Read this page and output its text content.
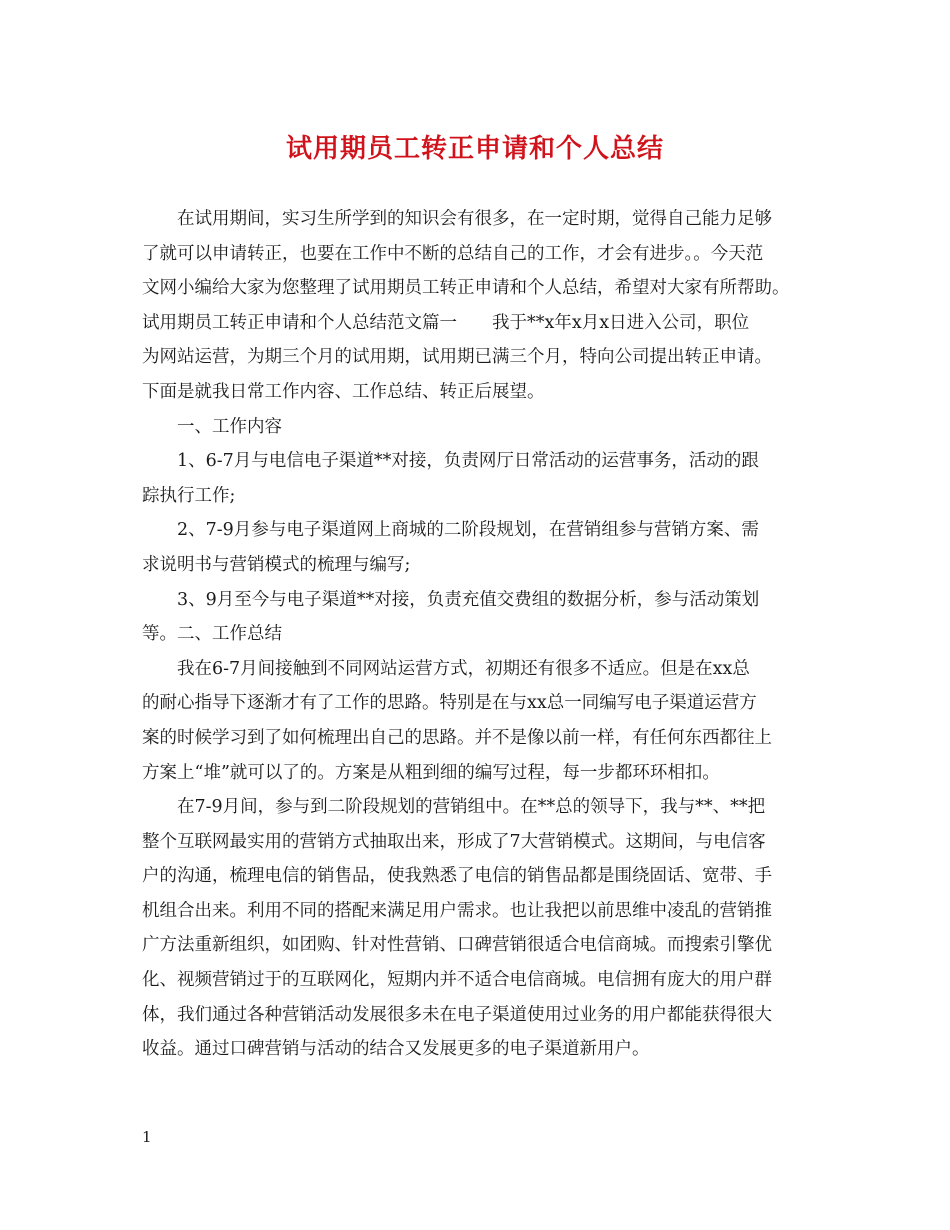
试用期员工转正申请和个人总结
在试用期间，实习生所学到的知识会有很多，在一定时期，觉得自己能力足够
了就可以申请转正，也要在工作中不断的总结自己的工作，才会有进步。。今天范
文网小编给大家为您整理了试用期员工转正申请和个人总结，希望对大家有所帮助。
试用期员工转正申请和个人总结范文篇一　　我于**x年x月x日进入公司，职位
为网站运营，为期三个月的试用期，试用期已满三个月，特向公司提出转正申请。
下面是就我日常工作内容、工作总结、转正后展望。
一、工作内容
1、6-7月与电信电子渠道**对接，负责网厅日常活动的运营事务，活动的跟
踪执行工作;
2、7-9月参与电子渠道网上商城的二阶段规划，在营销组参与营销方案、需
求说明书与营销模式的梳理与编写;
3、9月至今与电子渠道**对接，负责充值交费组的数据分析，参与活动策划
等。二、工作总结
我在6-7月间接触到不同网站运营方式，初期还有很多不适应。但是在xx总
的耐心指导下逐渐才有了工作的思路。特别是在与xx总一同编写电子渠道运营方
案的时候学习到了如何梳理出自己的思路。并不是像以前一样，有任何东西都往上
方案上“堆”就可以了的。方案是从粗到细的编写过程，每一步都环环相扣。
在7-9月间，参与到二阶段规划的营销组中。在**总的领导下，我与**、**把
整个互联网最实用的营销方式抽取出来，形成了7大营销模式。这期间，与电信客
户的沟通，梳理电信的销售品，使我熟悉了电信的销售品都是围绕固话、宽带、手
机组合出来。利用不同的搭配来满足用户需求。也让我把以前思维中凌乱的营销推
广方法重新组织，如团购、针对性营销、口碑营销很适合电信商城。而搜索引擎优
化、视频营销过于的互联网化，短期内并不适合电信商城。电信拥有庞大的用户群
体，我们通过各种营销活动发展很多未在电子渠道使用过业务的用户都能获得很大
收益。通过口碑营销与活动的结合又发展更多的电子渠道新用户。
1
